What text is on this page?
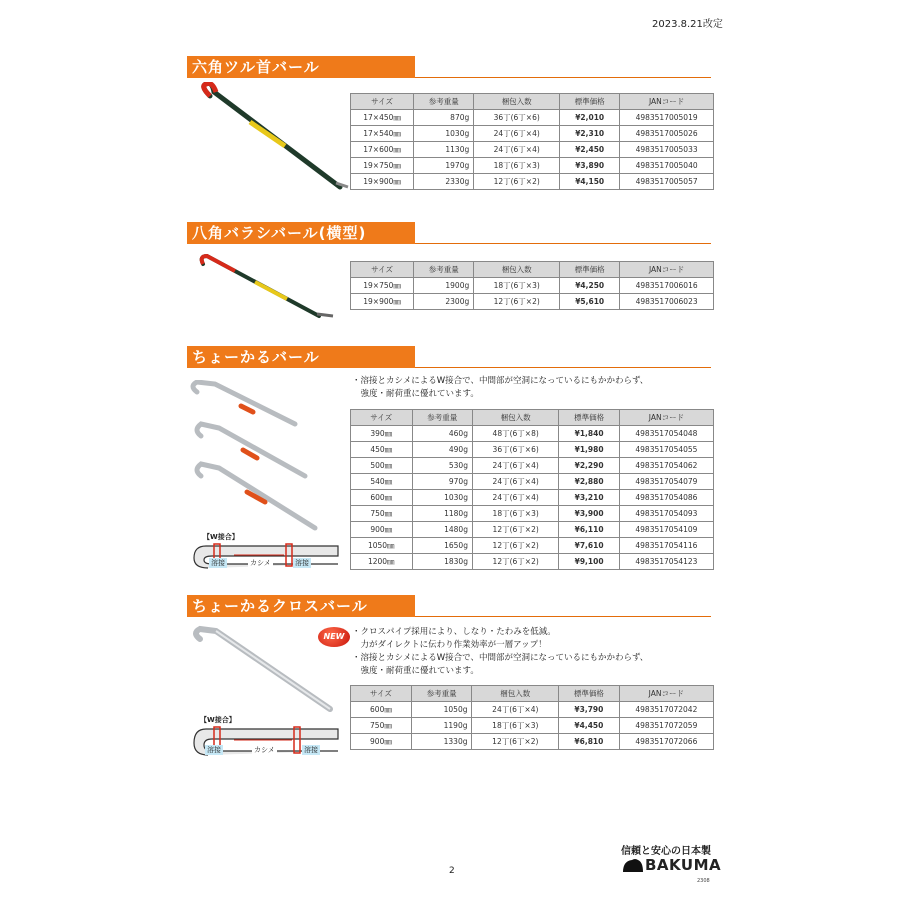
2023.8.21改定
六角ツル首バール
サイズ	参考重量	梱包入数	標準価格	JANコード
17×450㎜	870g	36丁(6丁×6)	¥2,010	4983517005019
17×540㎜	1030g	24丁(6丁×4)	¥2,310	4983517005026
17×600㎜	1130g	24丁(6丁×4)	¥2,450	4983517005033
19×750㎜	1970g	18丁(6丁×3)	¥3,890	4983517005040
19×900㎜	2330g	12丁(6丁×2)	¥4,150	4983517005057
八角バラシバール(横型)
サイズ	参考重量	梱包入数	標準価格	JANコード
19×750㎜	1900g	18丁(6丁×3)	¥4,250	4983517006016
19×900㎜	2300g	12丁(6丁×2)	¥5,610	4983517006023
ちょーかるバール
・溶接とカシメによるW接合で、中間部が空洞になっているにもかかわらず、
　強度・耐荷重に優れています。
【W接合】
溶接	カシメ	溶接
サイズ	参考重量	梱包入数	標準価格	JANコード
390㎜	460g	48丁(6丁×8)	¥1,840	4983517054048
450㎜	490g	36丁(6丁×6)	¥1,980	4983517054055
500㎜	530g	24丁(6丁×4)	¥2,290	4983517054062
540㎜	970g	24丁(6丁×4)	¥2,880	4983517054079
600㎜	1030g	24丁(6丁×4)	¥3,210	4983517054086
750㎜	1180g	18丁(6丁×3)	¥3,900	4983517054093
900㎜	1480g	12丁(6丁×2)	¥6,110	4983517054109
1050㎜	1650g	12丁(6丁×2)	¥7,610	4983517054116
1200㎜	1830g	12丁(6丁×2)	¥9,100	4983517054123
ちょーかるクロスバール
NEW ・クロスパイプ採用により、しなり・たわみを低減。
　力がダイレクトに伝わり作業効率が一層アップ！
・溶接とカシメによるW接合で、中間部が空洞になっているにもかかわらず、
　強度・耐荷重に優れています。
【W接合】
溶接	カシメ	溶接
サイズ	参考重量	梱包入数	標準価格	JANコード
600㎜	1050g	24丁(6丁×4)	¥3,790	4983517072042
750㎜	1190g	18丁(6丁×3)	¥4,450	4983517072059
900㎜	1330g	12丁(6丁×2)	¥6,810	4983517072066
2
信頼と安心の日本製
BAKUMA
2308
